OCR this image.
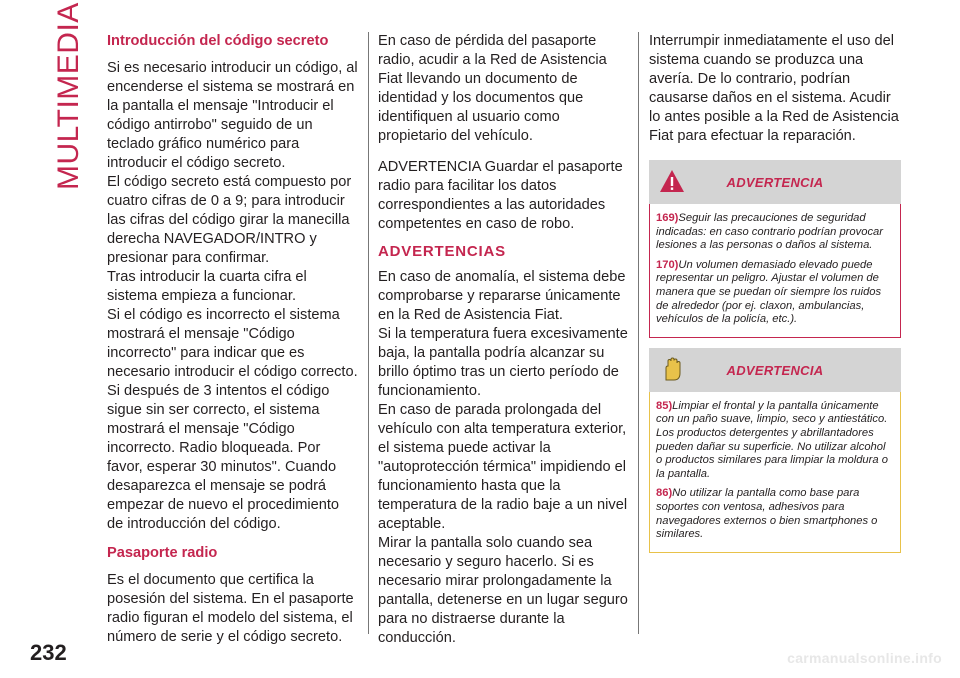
MULTIMEDIA
232
Introducción del código secreto

Si es necesario introducir un código, al encenderse el sistema se mostrará en la pantalla el mensaje "Introducir el código antirrobo" seguido de un teclado gráfico numérico para introducir el código secreto.

El código secreto está compuesto por cuatro cifras de 0 a 9; para introducir las cifras del código girar la manecilla derecha NAVEGADOR/INTRO y presionar para confirmar.

Tras introducir la cuarta cifra el sistema empieza a funcionar.

Si el código es incorrecto el sistema mostrará el mensaje "Código incorrecto" para indicar que es necesario introducir el código correcto.

Si después de 3 intentos el código sigue sin ser correcto, el sistema mostrará el mensaje "Código incorrecto. Radio bloqueada. Por favor, esperar 30 minutos". Cuando desaparezca el mensaje se podrá empezar de nuevo el procedimiento de introducción del código.

Pasaporte radio

Es el documento que certifica la posesión del sistema. En el pasaporte radio figuran el modelo del sistema, el número de serie y el código secreto.

En caso de pérdida del pasaporte radio, acudir a la Red de Asistencia Fiat llevando un documento de identidad y los documentos que identifiquen al usuario como propietario del vehículo.

ADVERTENCIA Guardar el pasaporte radio para facilitar los datos correspondientes a las autoridades competentes en caso de robo.

ADVERTENCIAS

En caso de anomalía, el sistema debe comprobarse y repararse únicamente en la Red de Asistencia Fiat.

Si la temperatura fuera excesivamente baja, la pantalla podría alcanzar su brillo óptimo tras un cierto período de funcionamiento.

En caso de parada prolongada del vehículo con alta temperatura exterior, el sistema puede activar la "autoprotección térmica" impidiendo el funcionamiento hasta que la temperatura de la radio baje a un nivel aceptable.

Mirar la pantalla solo cuando sea necesario y seguro hacerlo. Si es necesario mirar prolongadamente la pantalla, detenerse en un lugar seguro para no distraerse durante la conducción.

Interrumpir inmediatamente el uso del sistema cuando se produzca una avería. De lo contrario, podrían causarse daños en el sistema. Acudir lo antes posible a la Red de Asistencia Fiat para efectuar la reparación.

ADVERTENCIA

169)Seguir las precauciones de seguridad indicadas: en caso contrario podrían provocar lesiones a las personas o daños al sistema.

170)Un volumen demasiado elevado puede representar un peligro. Ajustar el volumen de manera que se puedan oír siempre los ruidos de alrededor (por ej. claxon, ambulancias, vehículos de la policía, etc.).

ADVERTENCIA

85)Limpiar el frontal y la pantalla únicamente con un paño suave, limpio, seco y antiestático. Los productos detergentes y abrillantadores pueden dañar su superficie. No utilizar alcohol o productos similares para limpiar la moldura o la pantalla.

86)No utilizar la pantalla como base para soportes con ventosa, adhesivos para navegadores externos o bien smartphones o similares.

carmanualsonline.info
